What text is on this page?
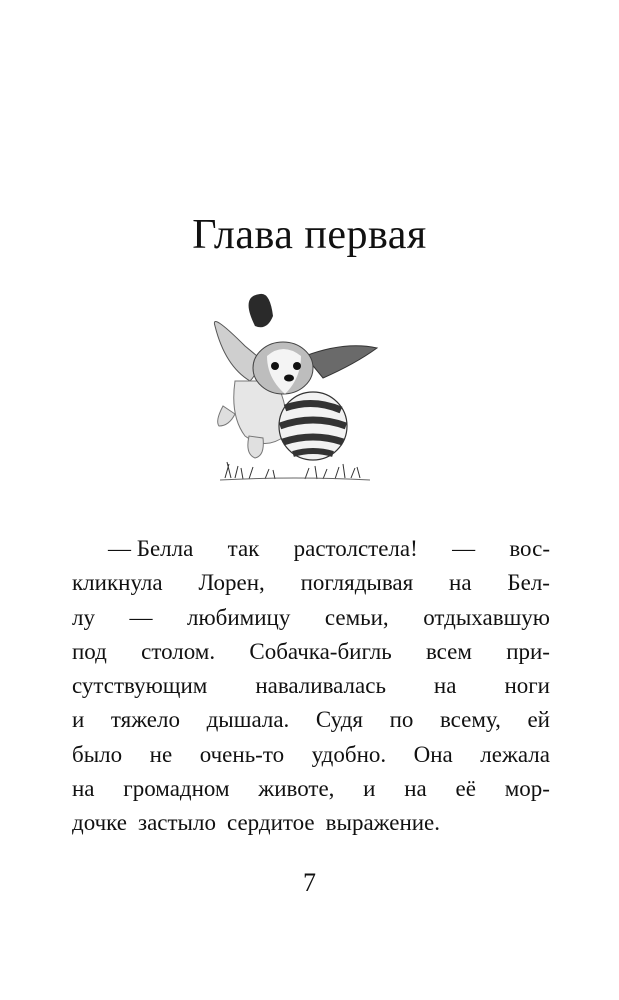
Глава первая
— Белла так растолстела! — вос-
кликнула Лорен, поглядывая на Бел-
лу — любимицу семьи, отдыхавшую
под столом. Собачка-бигль всем при-
сутствующим наваливалась на ноги
и тяжело дышала. Судя по всему, ей
было не очень-то удобно. Она лежала
на громадном животе, и на её мор-
дочке застыло сердитое выражение.
7
